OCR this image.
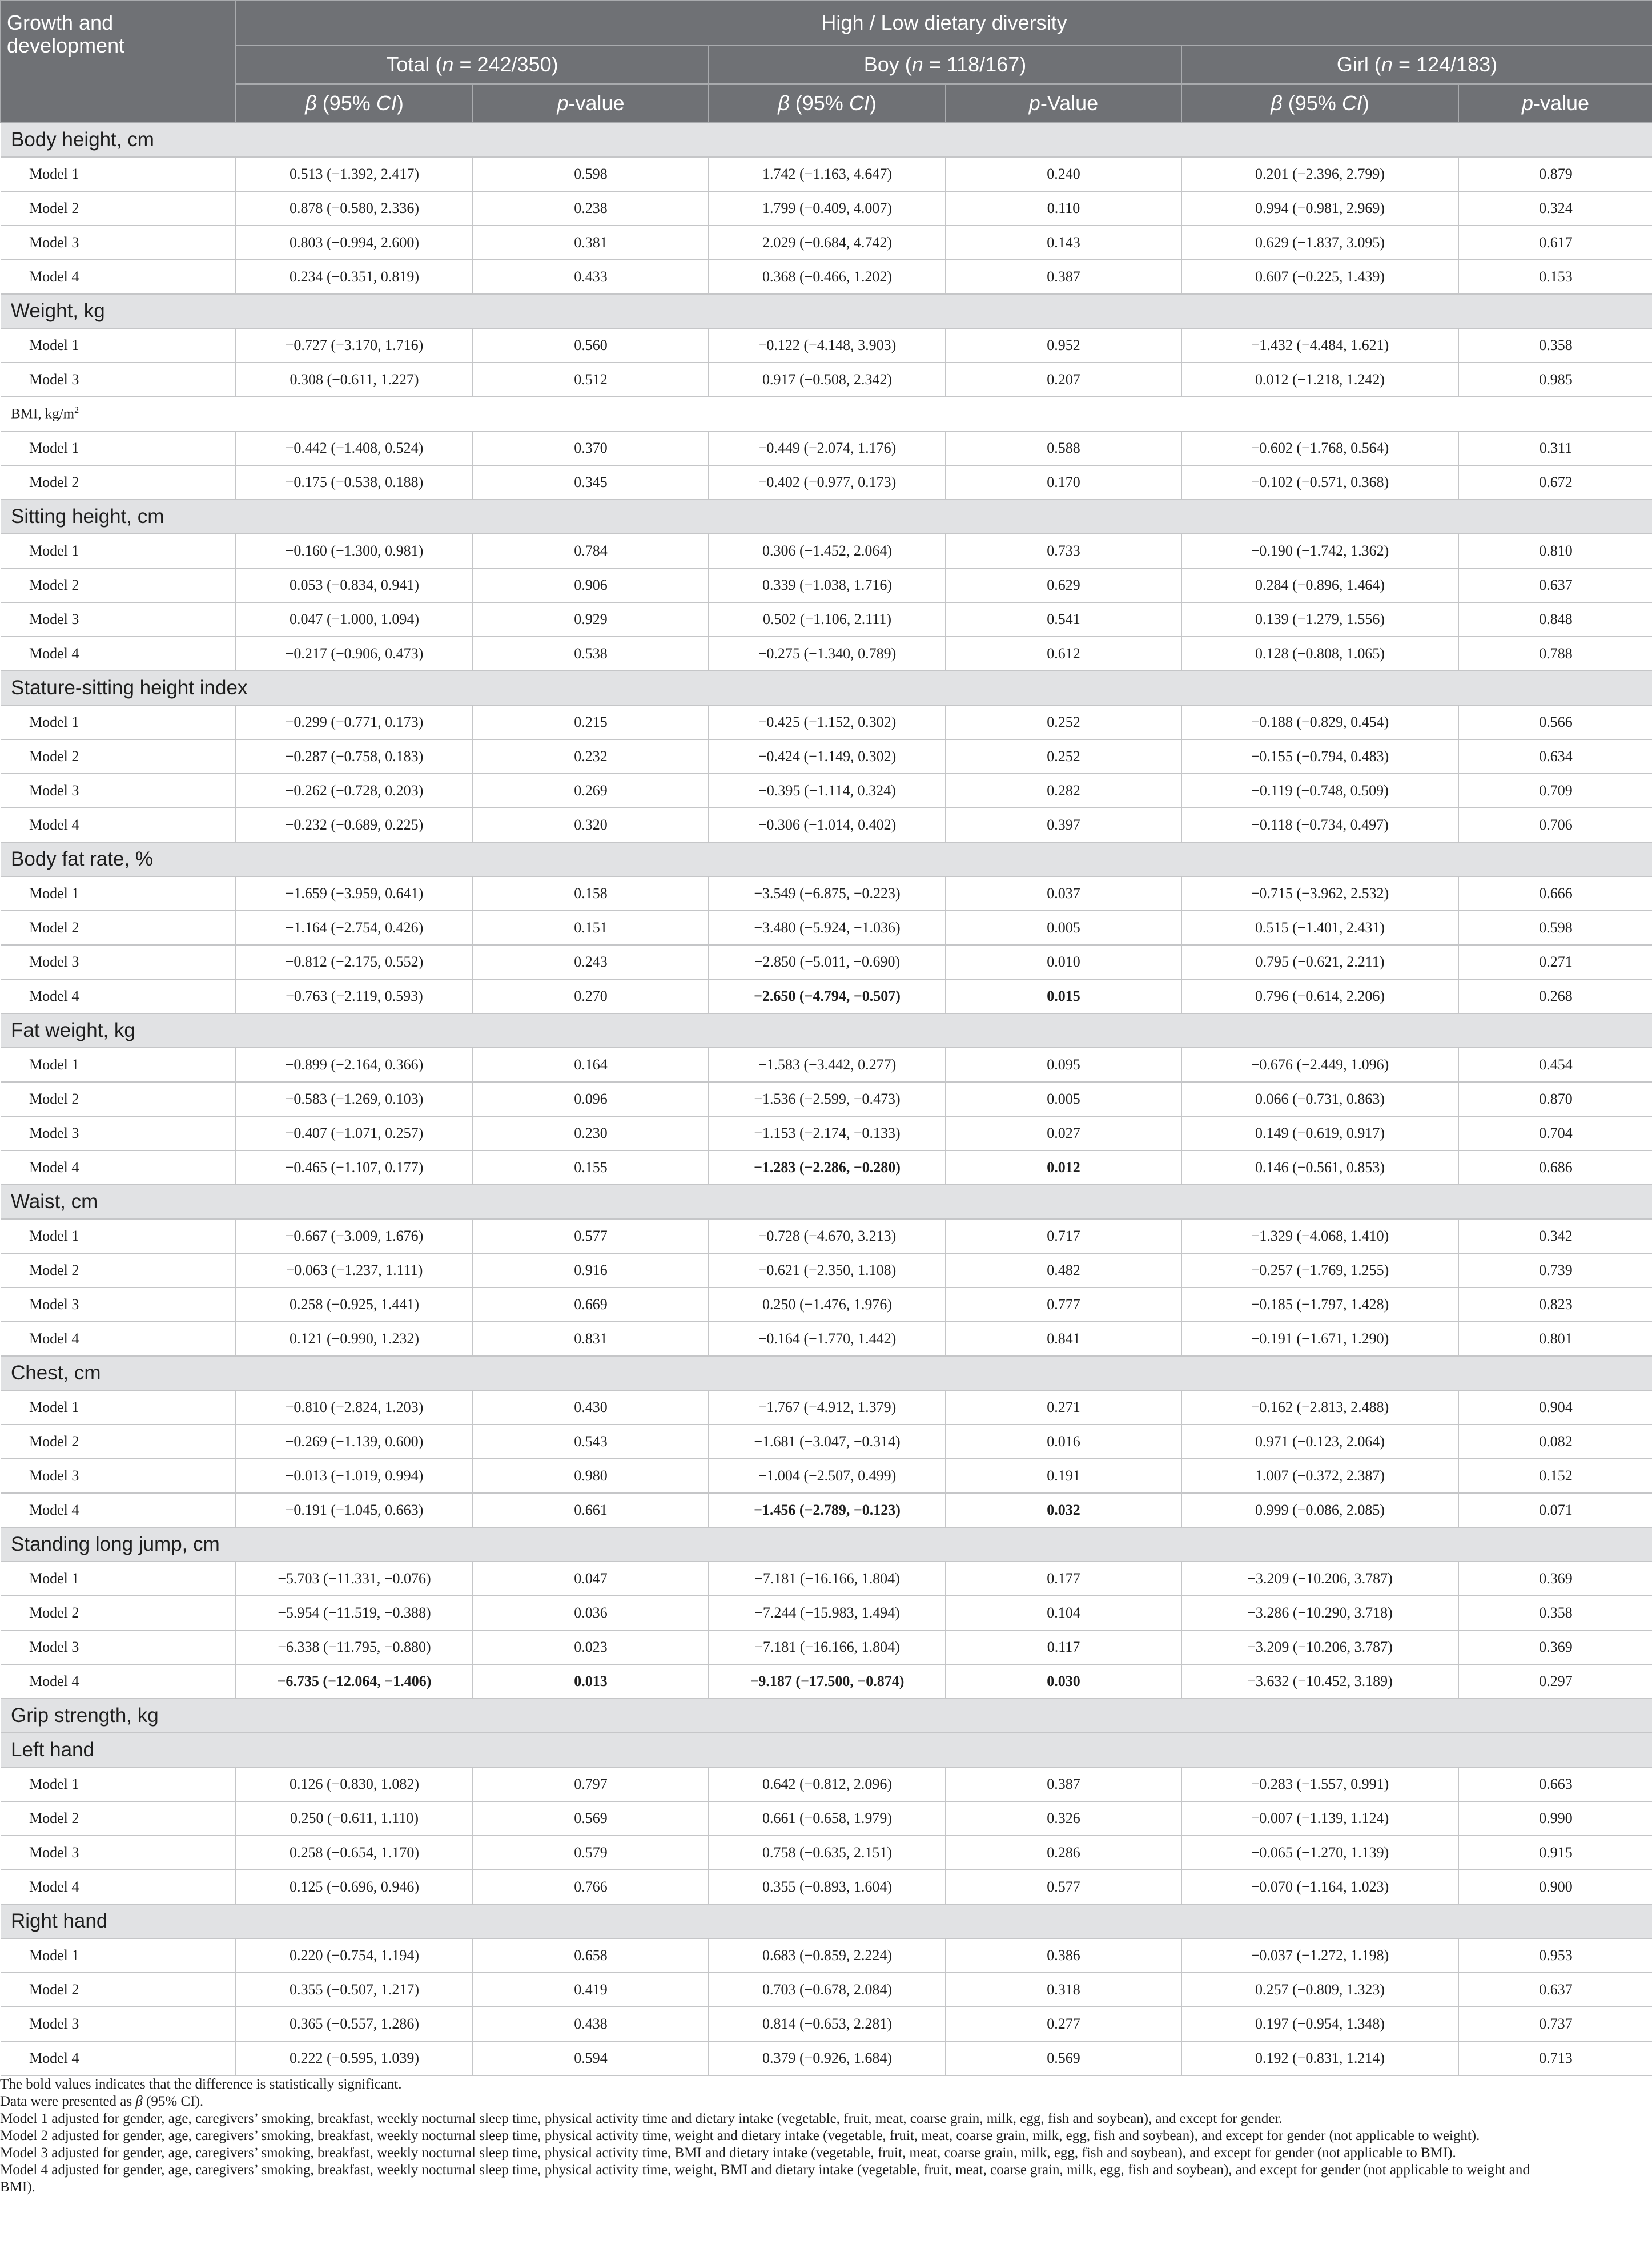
Growth and
development	High / Low dietary diversity					
	Total (n = 242/350)		Boy (n = 118/167)		Girl (n = 124/183)	
	β (95% CI)	p-value	β (95% CI)	p-Value	β (95% CI)	p-value
Body height, cm						
Model 1	0.513 (−1.392, 2.417)	0.598	1.742 (−1.163, 4.647)	0.240	0.201 (−2.396, 2.799)	0.879
Model 2	0.878 (−0.580, 2.336)	0.238	1.799 (−0.409, 4.007)	0.110	0.994 (−0.981, 2.969)	0.324
Model 3	0.803 (−0.994, 2.600)	0.381	2.029 (−0.684, 4.742)	0.143	0.629 (−1.837, 3.095)	0.617
Model 4	0.234 (−0.351, 0.819)	0.433	0.368 (−0.466, 1.202)	0.387	0.607 (−0.225, 1.439)	0.153
Weight, kg						
Model 1	−0.727 (−3.170, 1.716)	0.560	−0.122 (−4.148, 3.903)	0.952	−1.432 (−4.484, 1.621)	0.358
Model 3	0.308 (−0.611, 1.227)	0.512	0.917 (−0.508, 2.342)	0.207	0.012 (−1.218, 1.242)	0.985
BMI, $kg/m^2$
Model 1	−0.442 (−1.408, 0.524)	0.370	−0.449 (−2.074, 1.176)	0.588	−0.602 (−1.768, 0.564)	0.311
Model 2	−0.175 (−0.538, 0.188)	0.345	−0.402 (−0.977, 0.173)	0.170	−0.102 (−0.571, 0.368)	0.672
Sitting height, cm						
Model 1	−0.160 (−1.300, 0.981)	0.784	0.306 (−1.452, 2.064)	0.733	−0.190 (−1.742, 1.362)	0.810
Model 2	0.053 (−0.834, 0.941)	0.906	0.339 (−1.038, 1.716)	0.629	0.284 (−0.896, 1.464)	0.637
Model 3	0.047 (−1.000, 1.094)	0.929	0.502 (−1.106, 2.111)	0.541	0.139 (−1.279, 1.556)	0.848
Model 4	−0.217 (−0.906, 0.473)	0.538	−0.275 (−1.340, 0.789)	0.612	0.128 (−0.808, 1.065)	0.788
Stature-sitting height index						
Model 1	−0.299 (−0.771, 0.173)	0.215	−0.425 (−1.152, 0.302)	0.252	−0.188 (−0.829, 0.454)	0.566
Model 2	−0.287 (−0.758, 0.183)	0.232	−0.424 (−1.149, 0.302)	0.252	−0.155 (−0.794, 0.483)	0.634
Model 3	−0.262 (−0.728, 0.203)	0.269	−0.395 (−1.114, 0.324)	0.282	−0.119 (−0.748, 0.509)	0.709
Model 4	−0.232 (−0.689, 0.225)	0.320	−0.306 (−1.014, 0.402)	0.397	−0.118 (−0.734, 0.497)	0.706
Body fat rate, %						
Model 1	−1.659 (−3.959, 0.641)	0.158	−3.549 (−6.875, −0.223)	0.037	−0.715 (−3.962, 2.532)	0.666
Model 2	−1.164 (−2.754, 0.426)	0.151	−3.480 (−5.924, −1.036)	0.005	0.515 (−1.401, 2.431)	0.598
Model 3	−0.812 (−2.175, 0.552)	0.243	−2.850 (−5.011, −0.690)	0.010	0.795 (−0.621, 2.211)	0.271
Model 4	−0.763 (−2.119, 0.593)	0.270	−2.650 (−4.794, −0.507)	0.015	0.796 (−0.614, 2.206)	0.268
Fat weight, kg						
Model 1	−0.899 (−2.164, 0.366)	0.164	−1.583 (−3.442, 0.277)	0.095	−0.676 (−2.449, 1.096)	0.454
Model 2	−0.583 (−1.269, 0.103)	0.096	−1.536 (−2.599, −0.473)	0.005	0.066 (−0.731, 0.863)	0.870
Model 3	−0.407 (−1.071, 0.257)	0.230	−1.153 (−2.174, −0.133)	0.027	0.149 (−0.619, 0.917)	0.704
Model 4	−0.465 (−1.107, 0.177)	0.155	−1.283 (−2.286, −0.280)	0.012	0.146 (−0.561, 0.853)	0.686
Waist, cm						
Model 1	−0.667 (−3.009, 1.676)	0.577	−0.728 (−4.670, 3.213)	0.717	−1.329 (−4.068, 1.410)	0.342
Model 2	−0.063 (−1.237, 1.111)	0.916	−0.621 (−2.350, 1.108)	0.482	−0.257 (−1.769, 1.255)	0.739
Model 3	0.258 (−0.925, 1.441)	0.669	0.250 (−1.476, 1.976)	0.777	−0.185 (−1.797, 1.428)	0.823
Model 4	0.121 (−0.990, 1.232)	0.831	−0.164 (−1.770, 1.442)	0.841	−0.191 (−1.671, 1.290)	0.801
Chest, cm						
Model 1	−0.810 (−2.824, 1.203)	0.430	−1.767 (−4.912, 1.379)	0.271	−0.162 (−2.813, 2.488)	0.904
Model 2	−0.269 (−1.139, 0.600)	0.543	−1.681 (−3.047, −0.314)	0.016	0.971 (−0.123, 2.064)	0.082
Model 3	−0.013 (−1.019, 0.994)	0.980	−1.004 (−2.507, 0.499)	0.191	1.007 (−0.372, 2.387)	0.152
Model 4	−0.191 (−1.045, 0.663)	0.661	−1.456 (−2.789, −0.123)	0.032	0.999 (−0.086, 2.085)	0.071
Standing long jump, cm						
Model 1	−5.703 (−11.331, −0.076)	0.047	−7.181 (−16.166, 1.804)	0.177	−3.209 (−10.206, 3.787)	0.369
Model 2	−5.954 (−11.519, −0.388)	0.036	−7.244 (−15.983, 1.494)	0.104	−3.286 (−10.290, 3.718)	0.358
Model 3	−6.338 (−11.795, −0.880)	0.023	−7.181 (−16.166, 1.804)	0.117	−3.209 (−10.206, 3.787)	0.369
Model 4	−6.735 (−12.064, −1.406)	0.013	−9.187 (−17.500, −0.874)	0.030	−3.632 (−10.452, 3.189)	0.297
Grip strength, kg						
Left hand						
Model 1	0.126 (−0.830, 1.082)	0.797	0.642 (−0.812, 2.096)	0.387	−0.283 (−1.557, 0.991)	0.663
Model 2	0.250 (−0.611, 1.110)	0.569	0.661 (−0.658, 1.979)	0.326	−0.007 (−1.139, 1.124)	0.990
Model 3	0.258 (−0.654, 1.170)	0.579	0.758 (−0.635, 2.151)	0.286	−0.065 (−1.270, 1.139)	0.915
Model 4	0.125 (−0.696, 0.946)	0.766	0.355 (−0.893, 1.604)	0.577	−0.070 (−1.164, 1.023)	0.900
Right hand						
Model 1	0.220 (−0.754, 1.194)	0.658	0.683 (−0.859, 2.224)	0.386	−0.037 (−1.272, 1.198)	0.953
Model 2	0.355 (−0.507, 1.217)	0.419	0.703 (−0.678, 2.084)	0.318	0.257 (−0.809, 1.323)	0.637
Model 3	0.365 (−0.557, 1.286)	0.438	0.814 (−0.653, 2.281)	0.277	0.197 (−0.954, 1.348)	0.737
Model 4	0.222 (−0.595, 1.039)	0.594	0.379 (−0.926, 1.684)	0.569	0.192 (−0.831, 1.214)	0.713
The bold values indicates that the difference is statistically significant.
Data were presented as β (95% CI).
Model 1 adjusted for gender, age, caregivers’ smoking, breakfast, weekly nocturnal sleep time, physical activity time and dietary intake (vegetable, fruit, meat, coarse grain, milk, egg, fish and soybean), and except for gender.
Model 2 adjusted for gender, age, caregivers’ smoking, breakfast, weekly nocturnal sleep time, physical activity time, weight and dietary intake (vegetable, fruit, meat, coarse grain, milk, egg, fish and soybean), and except for gender (not applicable to weight).
Model 3 adjusted for gender, age, caregivers’ smoking, breakfast, weekly nocturnal sleep time, physical activity time, BMI and dietary intake (vegetable, fruit, meat, coarse grain, milk, egg, fish and soybean), and except for gender (not applicable to BMI).
Model 4 adjusted for gender, age, caregivers’ smoking, breakfast, weekly nocturnal sleep time, physical activity time, weight, BMI and dietary intake (vegetable, fruit, meat, coarse grain, milk, egg, fish and soybean), and except for gender (not applicable to weight and
BMI).
